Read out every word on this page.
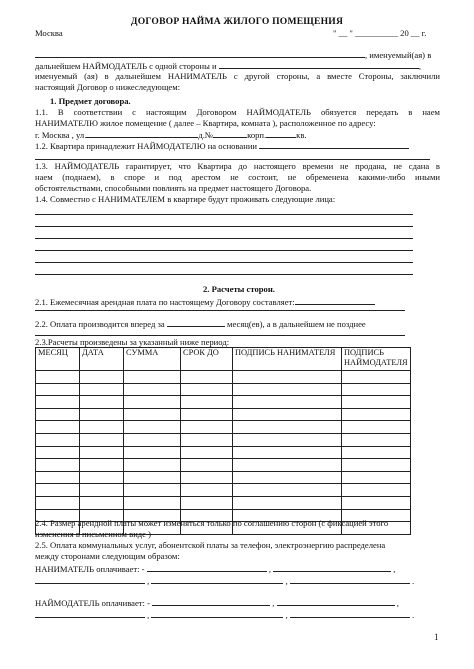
ДОГОВОР НАЙМА ЖИЛОГО ПОМЕЩЕНИЯ
Москва	" __ " __________ 20 __ г.
, именуемый(ая) в
дальнейшем НАЙМОДАТЕЛЬ с одной стороны и	,
именуемый (ая) в дальнейшем НАНИМАТЕЛЬ с другой стороны, а вместе Стороны, заключили
настоящий Договор о нижеследующем:
1. Предмет договора.
1.1. В соответствии с настоящим Договором НАЙМОДАТЕЛЬ обязуется передать в наем
НАНИМАТЕЛЮ жилое помещение ( далее – Квартира, комната ), расположенное по адресу:
г. Москва , ул.	д.№	корп.	кв.
1.2. Квартира принадлежит НАЙМОДАТЕЛЮ на основании
1.3. НАЙМОДАТЕЛЬ гарантирует, что Квартира до настоящего времени не продана, не сдана в
наем (поднаем), в споре и под арестом не состоит, не обременена какими-либо иными
обстоятельствами, способными повлиять на предмет настоящего Договора.
1.4. Совместно с НАНИМАТЕЛЕМ в квартире будут проживать следующие лица:
2. Расчеты сторон.
2.1. Ежемесячная арендная плата по настоящему Договору составляет:
2.2. Оплата производится вперед за	месяц(ев), а в дальнейшем не позднее
2.3.Расчеты произведены за указанный ниже период:
МЕСЯЦ	ДАТА	СУММА	СРОК ДО	ПОДПИСЬ НАНИМАТЕЛЯ	ПОДПИСЬ НАЙМОДАТЕЛЯ

2.4. Размер арендной платы может изменяться только по соглашению сторон (с фиксацией этого
изменения в письменном виде )
2.5. Оплата коммунальных услуг, абонентской платы за телефон, электроэнергию распределена
между сторонами следующим образом:
НАНИМАТЕЛЬ оплачивает: -	,	,
,	,	.
НАЙМОДАТЕЛЬ оплачивает: -	,	,
,	,	.
1
